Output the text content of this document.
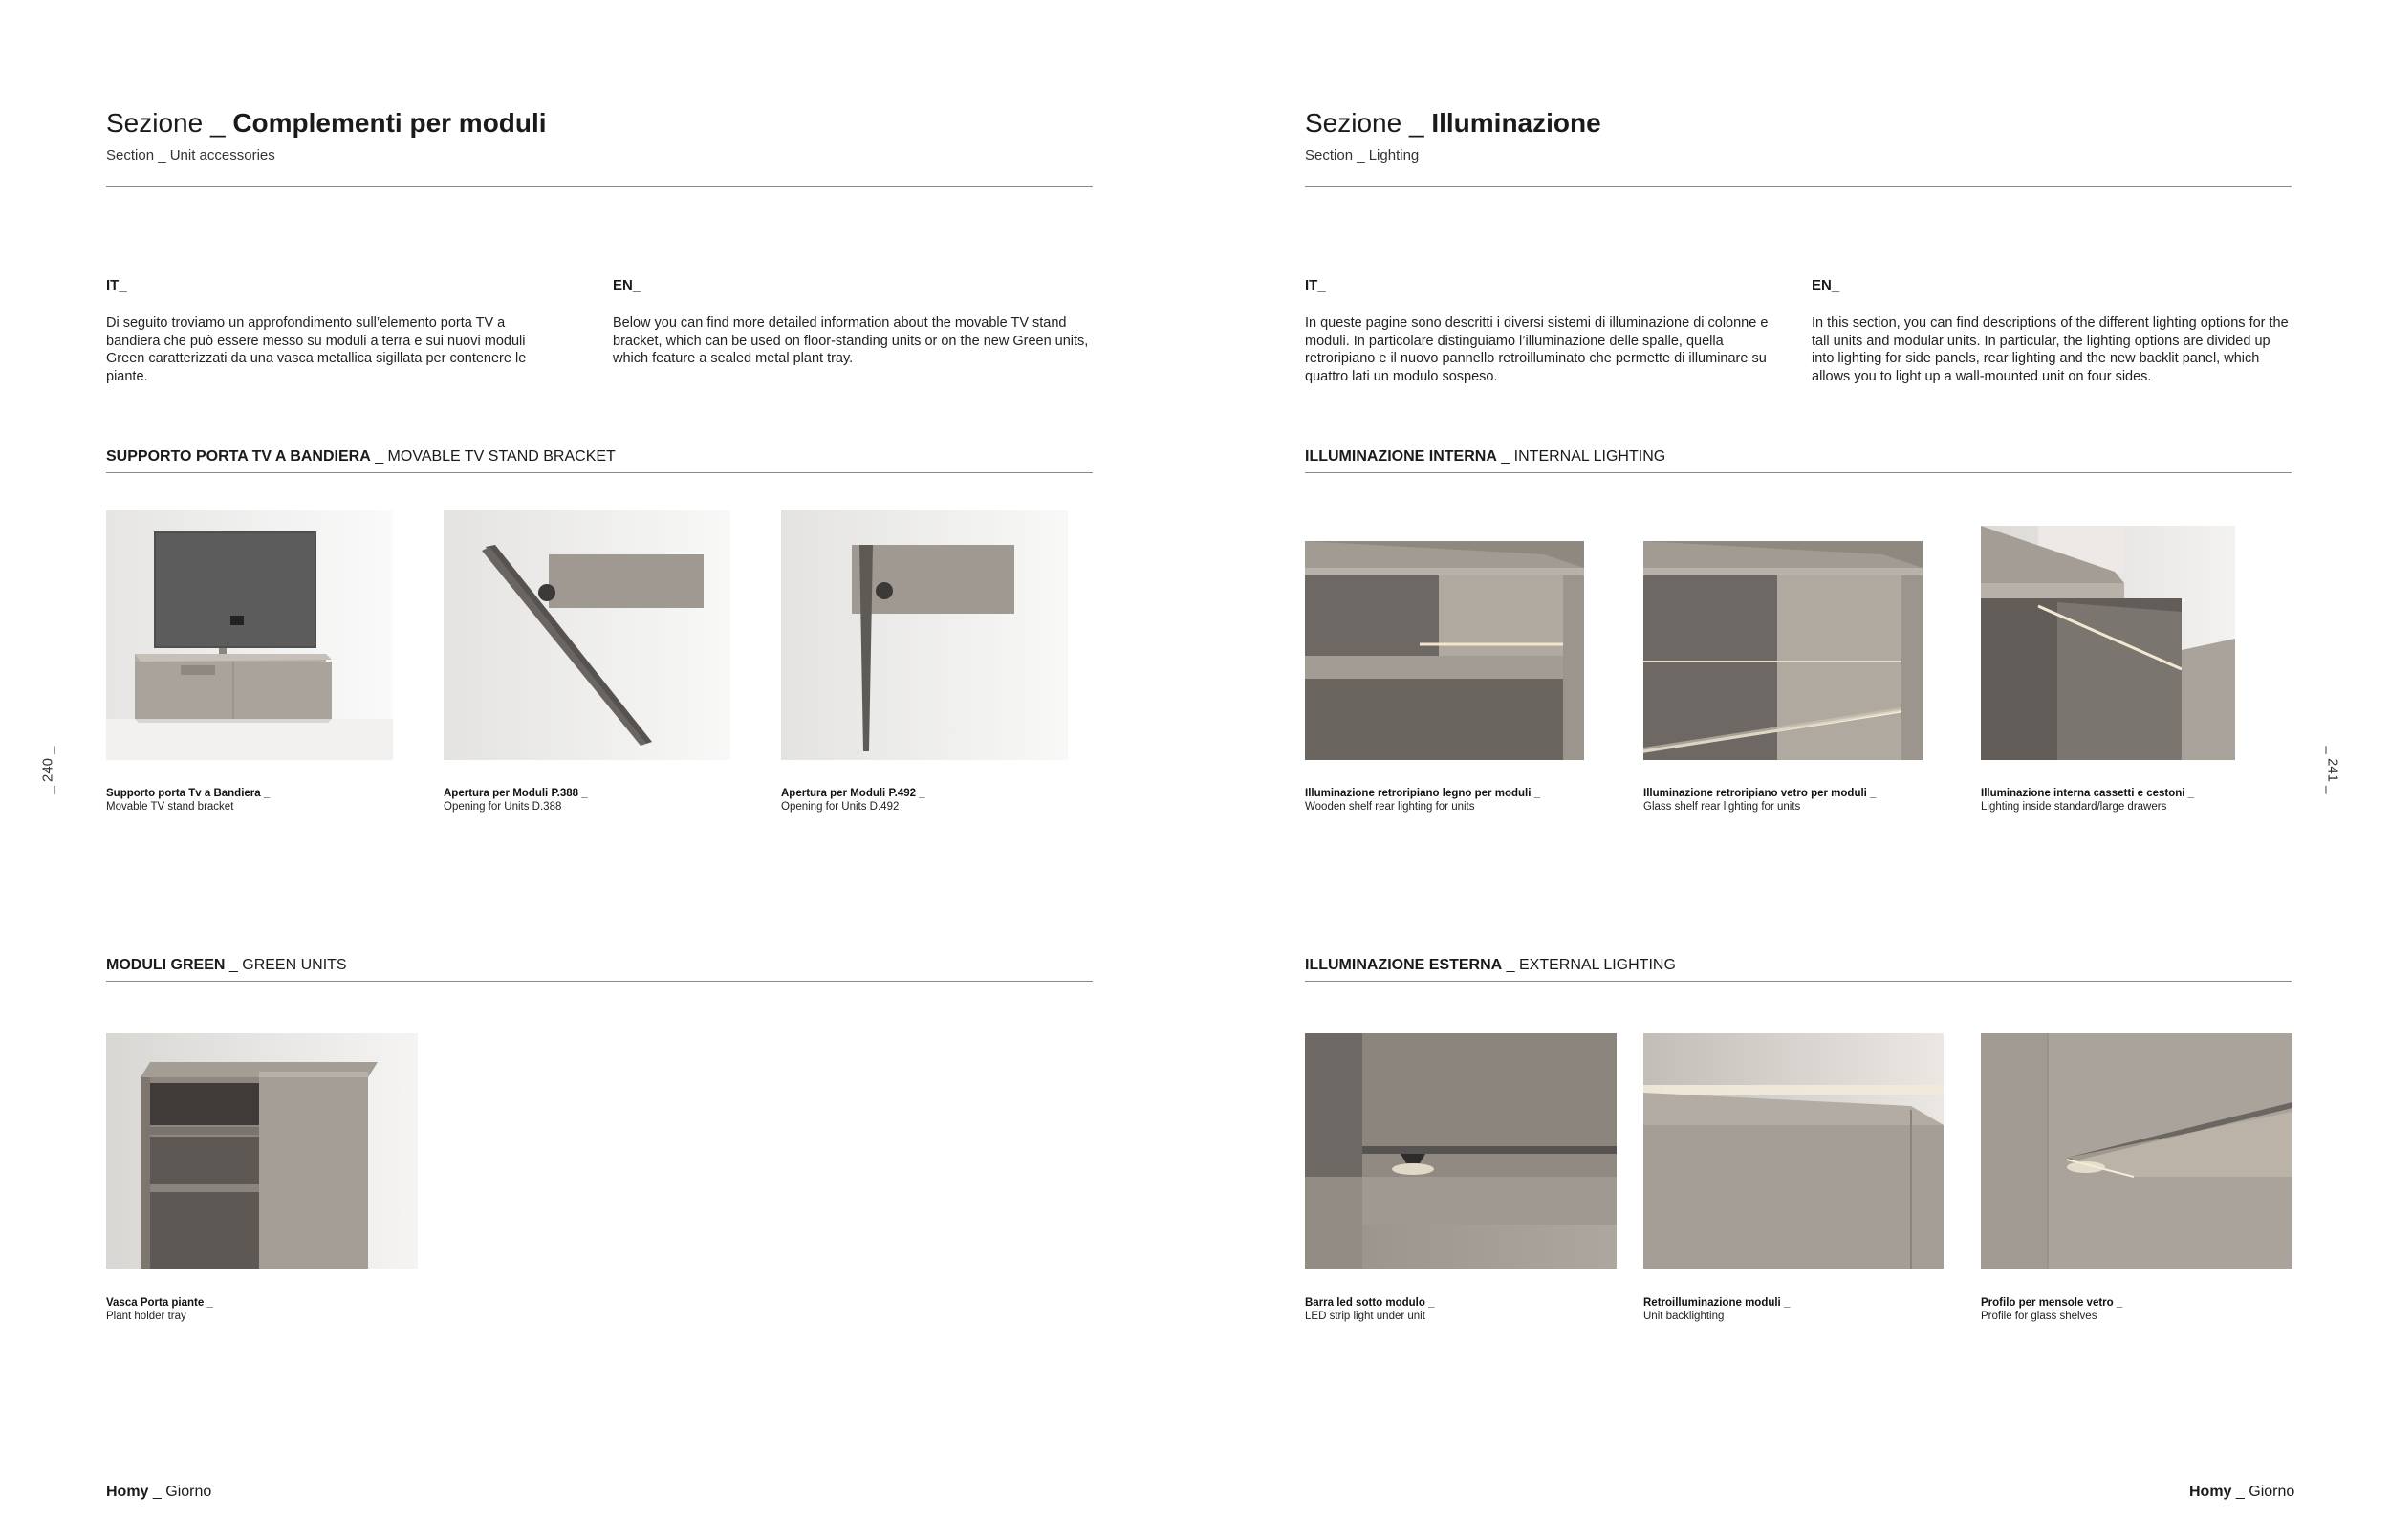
Sezione _ Complementi per moduli
Section _ Unit accessories
IT_
Di seguito troviamo un approfondimento sull’elemento porta TV a bandiera che può essere messo su moduli a terra e sui nuovi moduli Green caratterizzati da una vasca metallica sigillata per contenere le piante.
EN_
Below you can find more detailed information about the movable TV stand bracket, which can be used on floor-standing units or on the new Green units, which feature a sealed metal plant tray.
SUPPORTO PORTA TV A BANDIERA _ MOVABLE TV STAND BRACKET
Supporto porta Tv a Bandiera _
Movable TV stand bracket
Apertura per Moduli P.388 _
Opening for Units D.388
Apertura per Moduli P.492 _
Opening for Units D.492
MODULI GREEN _ GREEN UNITS
Vasca Porta piante _
Plant holder tray
_ 240 _
Homy _ Giorno
Sezione _ Illuminazione
Section _ Lighting
IT_
In queste pagine sono descritti i diversi sistemi di illuminazione di colonne e moduli. In particolare distinguiamo l’illuminazione delle spalle, quella retroripiano e il nuovo pannello retroilluminato che permette di illuminare su quattro lati un modulo sospeso.
EN_
In this section, you can find descriptions of the different lighting options for the tall units and modular units. In particular, the lighting options are divided up into lighting for side panels, rear lighting and the new backlit panel, which allows you to light up a wall-mounted unit on four sides.
ILLUMINAZIONE INTERNA _ INTERNAL LIGHTING
Illuminazione retroripiano legno per moduli _
Wooden shelf rear lighting for units
Illuminazione retroripiano vetro per moduli _
Glass shelf rear lighting for units
Illuminazione interna cassetti e cestoni _
Lighting inside standard/large drawers
ILLUMINAZIONE ESTERNA _ EXTERNAL LIGHTING
Barra led sotto modulo _
LED strip light under unit
Retroilluminazione moduli _
Unit backlighting
Profilo per mensole vetro _
Profile for glass shelves
_ 241 _
Homy _ Giorno
